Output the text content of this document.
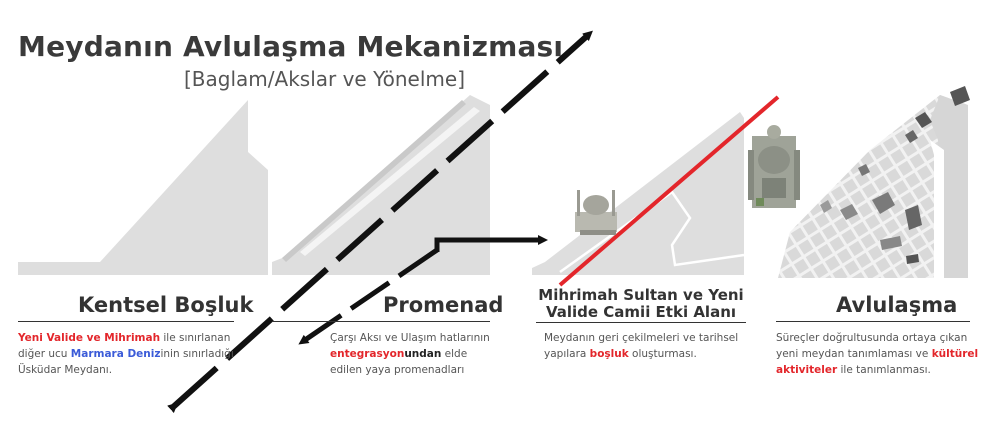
Meydanın Avlulaşma Mekanizması
[Baglam/Akslar ve Yönelme]
Kentsel Boşluk
Yeni Valide ve Mihrimah ile sınırlanan diğer ucu Marmara Denizinin sınırladığı Üsküdar Meydanı.
Promenad
Çarşı Aksı ve Ulaşım hatlarının entegrasyonundan elde edilen yaya promenadları
Mihrimah Sultan ve Yeni
Valide Camii Etki Alanı
Meydanın geri çekilmeleri ve tarihsel yapılara boşluk oluşturması.
Avlulaşma
Süreçler doğrultusunda ortaya çıkan yeni meydan tanımlaması ve kültürel aktiviteler ile tanımlanması.
